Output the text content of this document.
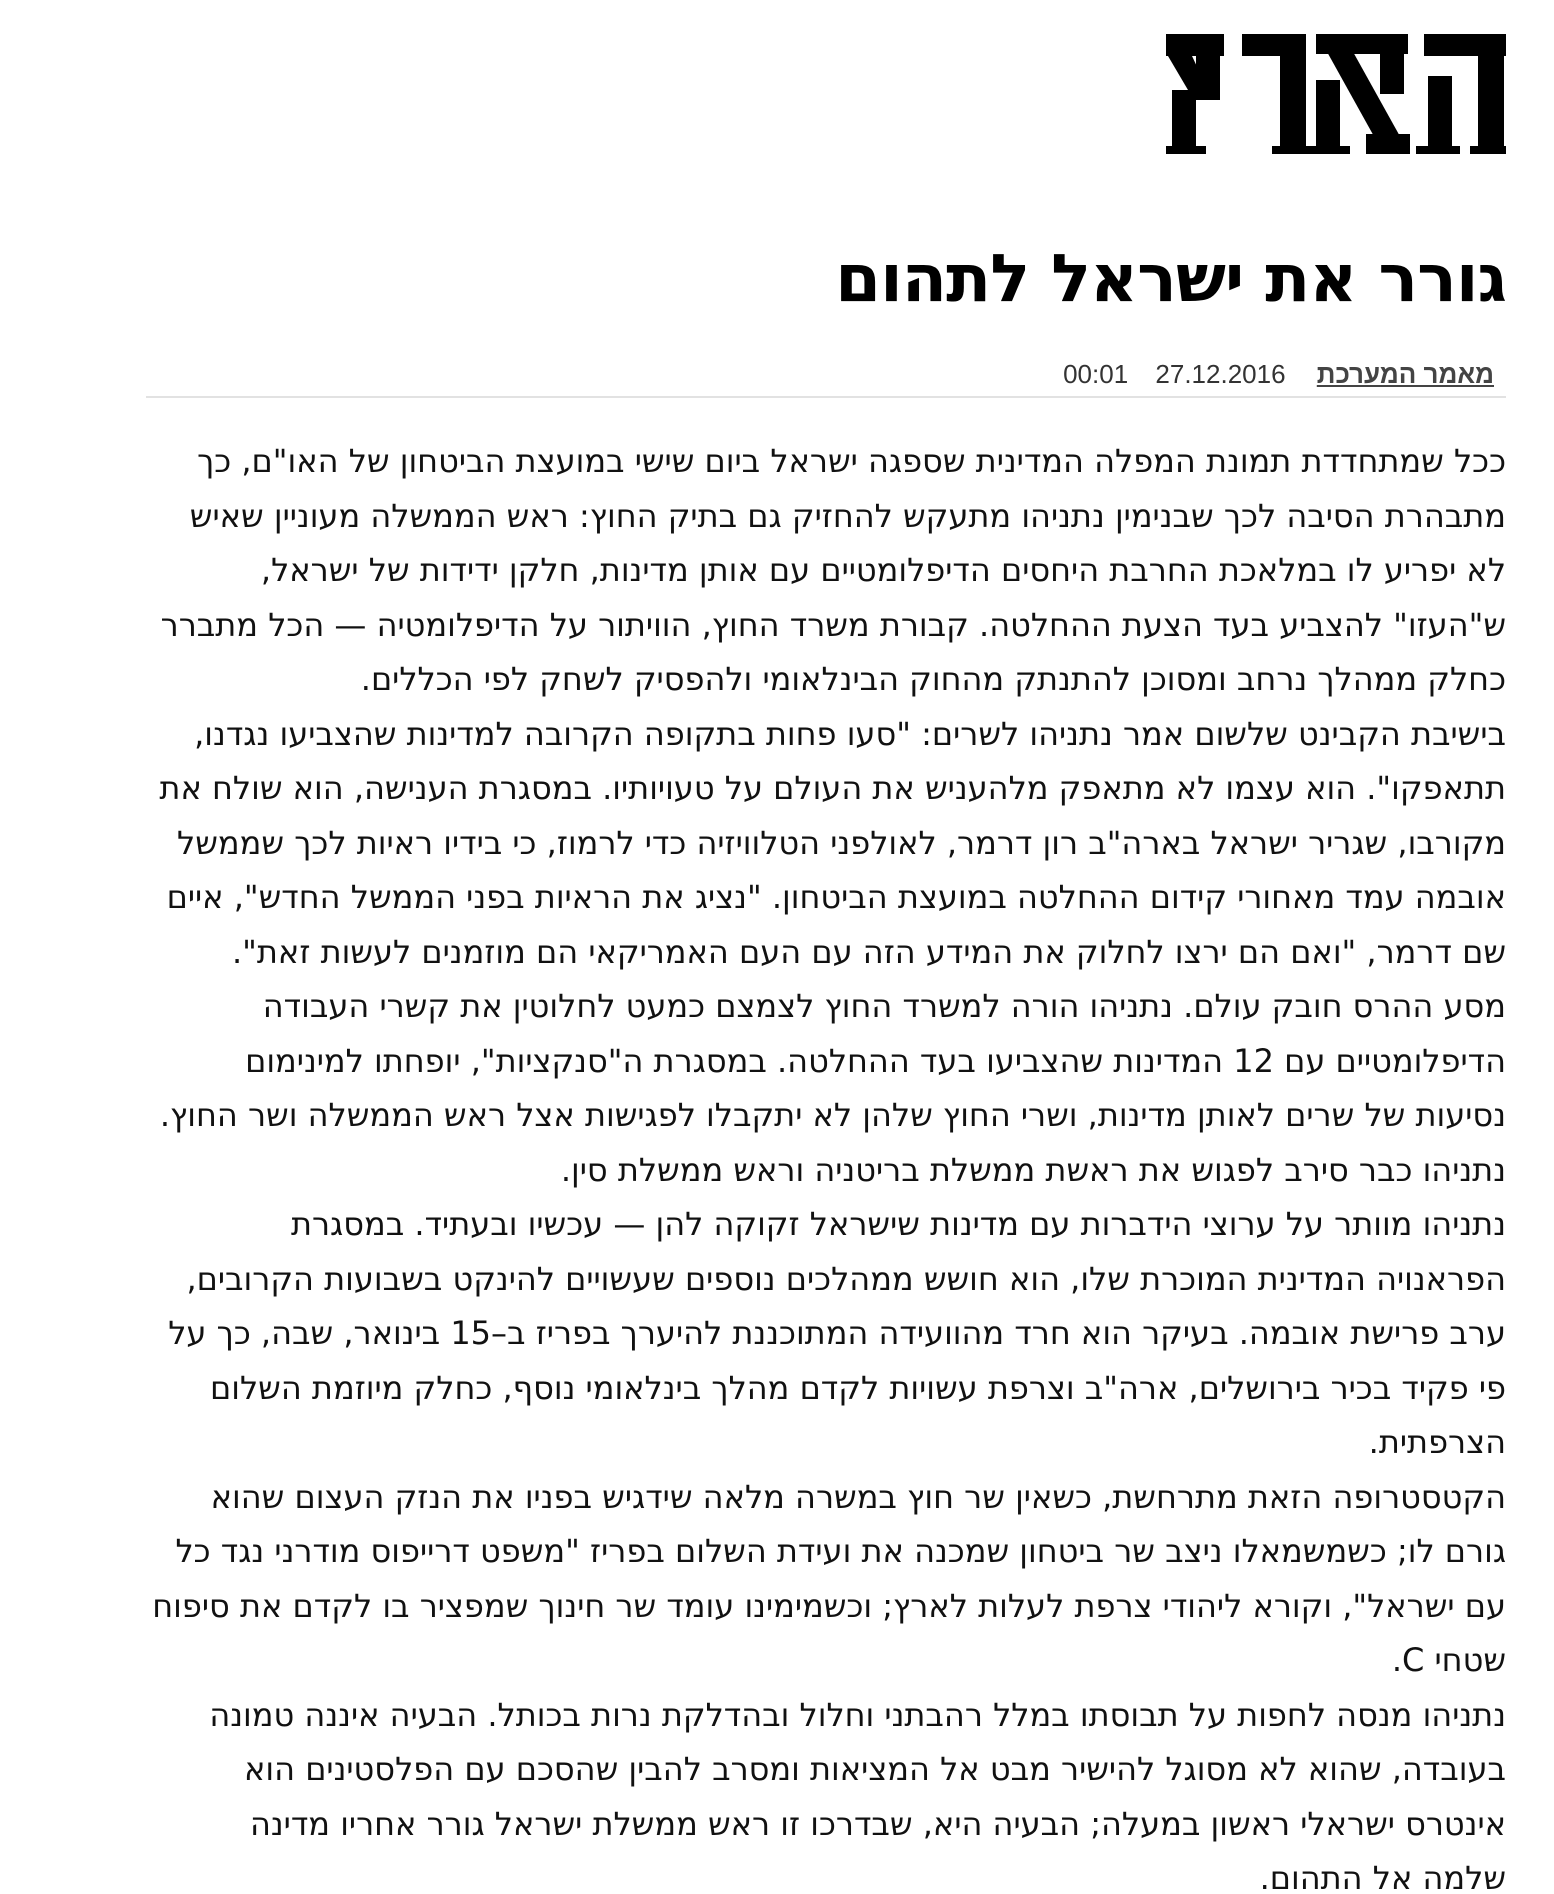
גורר את ישראל לתהום
מאמר המערכת 27.12.2016 00:01

ככל שמתחדדת תמונת המפלה המדינית שספגה ישראל ביום שישי במועצת הביטחון של האו"ם, כך
מתבהרת הסיבה לכך שבנימין נתניהו מתעקש להחזיק גם בתיק החוץ: ראש הממשלה מעוניין שאיש
לא יפריע לו במלאכת החרבת היחסים הדיפלומטיים עם אותן מדינות, חלקן ידידות של ישראל,
ש"העזו" להצביע בעד הצעת ההחלטה. קבורת משרד החוץ, הוויתור על הדיפלומטיה — הכל מתברר
כחלק ממהלך נרחב ומסוכן להתנתק מהחוק הבינלאומי ולהפסיק לשחק לפי הכללים.

בישיבת הקבינט שלשום אמר נתניהו לשרים: "סעו פחות בתקופה הקרובה למדינות שהצביעו נגדנו,
תתאפקו". הוא עצמו לא מתאפק מלהעניש את העולם על טעויותיו. במסגרת הענישה, הוא שולח את
מקורבו, שגריר ישראל בארה"ב רון דרמר, לאולפני הטלוויזיה כדי לרמוז, כי בידיו ראיות לכך שממשל
אובמה עמד מאחורי קידום ההחלטה במועצת הביטחון. "נציג את הראיות בפני הממשל החדש", איים
שם דרמר, "ואם הם ירצו לחלוק את המידע הזה עם העם האמריקאי הם מוזמנים לעשות זאת".

מסע ההרס חובק עולם. נתניהו הורה למשרד החוץ לצמצם כמעט לחלוטין את קשרי העבודה
הדיפלומטיים עם 12 המדינות שהצביעו בעד ההחלטה. במסגרת ה"סנקציות", יופחתו למינימום
נסיעות של שרים לאותן מדינות, ושרי החוץ שלהן לא יתקבלו לפגישות אצל ראש הממשלה ושר החוץ.
נתניהו כבר סירב לפגוש את ראשת ממשלת בריטניה וראש ממשלת סין.

נתניהו מוותר על ערוצי הידברות עם מדינות שישראל זקוקה להן — עכשיו ובעתיד. במסגרת
הפראנויה המדינית המוכרת שלו, הוא חושש ממהלכים נוספים שעשויים להינקט בשבועות הקרובים,
ערב פרישת אובמה. בעיקר הוא חרד מהוועידה המתוכננת להיערך בפריז ב–15 בינואר, שבה, כך על
פי פקיד בכיר בירושלים, ארה"ב וצרפת עשויות לקדם מהלך בינלאומי נוסף, כחלק מיוזמת השלום
הצרפתית.

הקטסטרופה הזאת מתרחשת, כשאין שר חוץ במשרה מלאה שידגיש בפניו את הנזק העצום שהוא
גורם לו; כשמשמאלו ניצב שר ביטחון שמכנה את ועידת השלום בפריז "משפט דרייפוס מודרני נגד כל
עם ישראל", וקורא ליהודי צרפת לעלות לארץ; וכשמימינו עומד שר חינוך שמפציר בו לקדם את סיפוח
שטחי C.

נתניהו מנסה לחפות על תבוסתו במלל רהבתני וחלול ובהדלקת נרות בכותל. הבעיה איננה טמונה
בעובדה, שהוא לא מסוגל להישיר מבט אל המציאות ומסרב להבין שהסכם עם הפלסטינים הוא
אינטרס ישראלי ראשון במעלה; הבעיה היא, שבדרכו זו ראש ממשלת ישראל גורר אחריו מדינה
שלמה אל התהום.
